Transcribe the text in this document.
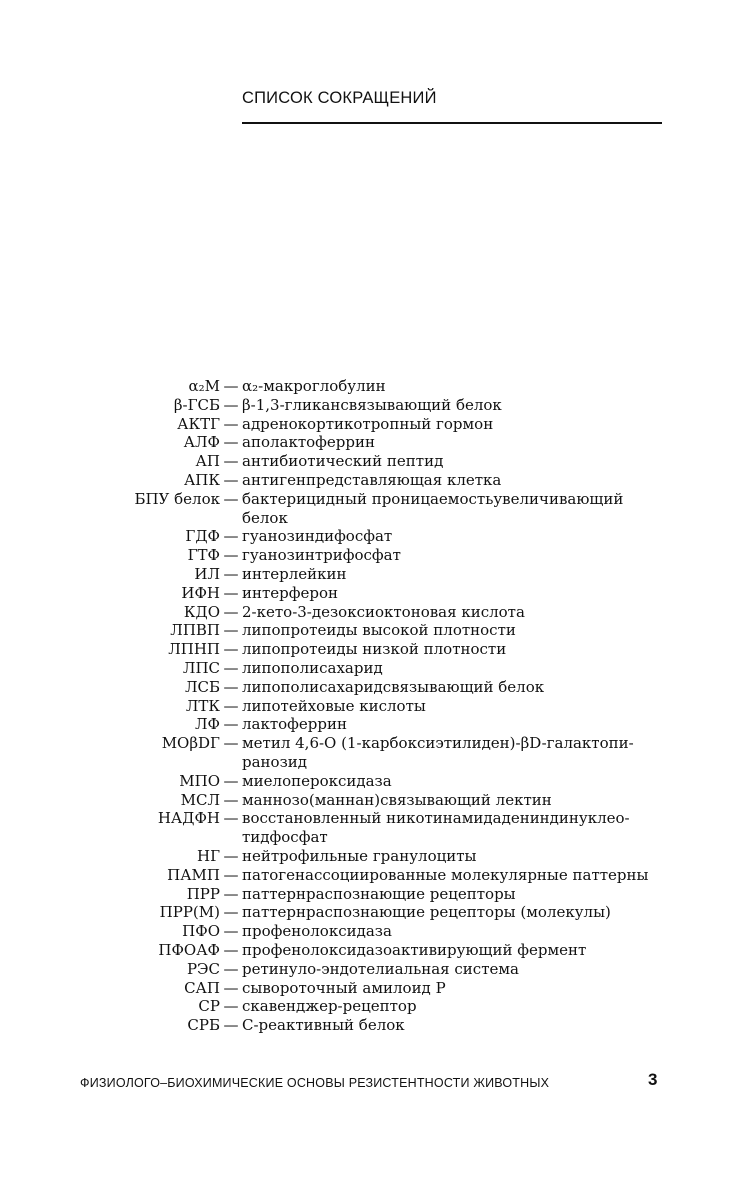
СПИСОК СОКРАЩЕНИЙ
α₂М — α₂-макроглобулин
β-ГСБ — β-1,3-гликансвязывающий белок
АКТГ — адренокортикотропный гормон
АЛФ — аполактоферрин
АП — антибиотический пептид
АПК — антигенпредставляющая клетка
БПУ белок — бактерицидный проницаемостьувеличивающий
белок
ГДФ — гуанозиндифосфат
ГТФ — гуанозинтрифосфат
ИЛ — интерлейкин
ИФН — интерферон
КДО — 2-кето-3-дезоксиоктоновая кислота
ЛПВП — липопротеиды высокой плотности
ЛПНП — липопротеиды низкой плотности
ЛПС — липополисахарид
ЛСБ — липополисахаридсвязывающий белок
ЛТК — липотейховые кислоты
ЛФ — лактоферрин
МОβDГ — метил 4,6-О (1-карбоксиэтилиден)-βD-галактопи-
ранозид
МПО — миелопероксидаза
МСЛ — маннозо(маннан)связывающий лектин
НАДФН — восстановленный никотинамидадениндинуклео-
тидфосфат
НГ — нейтрофильные гранулоциты
ПАМП — патогенассоциированные молекулярные паттерны
ПРР — паттернраспознающие рецепторы
ПРР(М) — паттернраспознающие рецепторы (молекулы)
ПФО — профенолоксидаза
ПФОАФ — профенолоксидазоактивирующий фермент
РЭС — ретинуло-эндотелиальная система
САП — сывороточный амилоид Р
СР — скавенджер-рецептор
СРБ — С-реактивный белок
ФИЗИОЛОГО–БИОХИМИЧЕСКИЕ ОСНОВЫ РЕЗИСТЕНТНОСТИ ЖИВОТНЫХ	3
